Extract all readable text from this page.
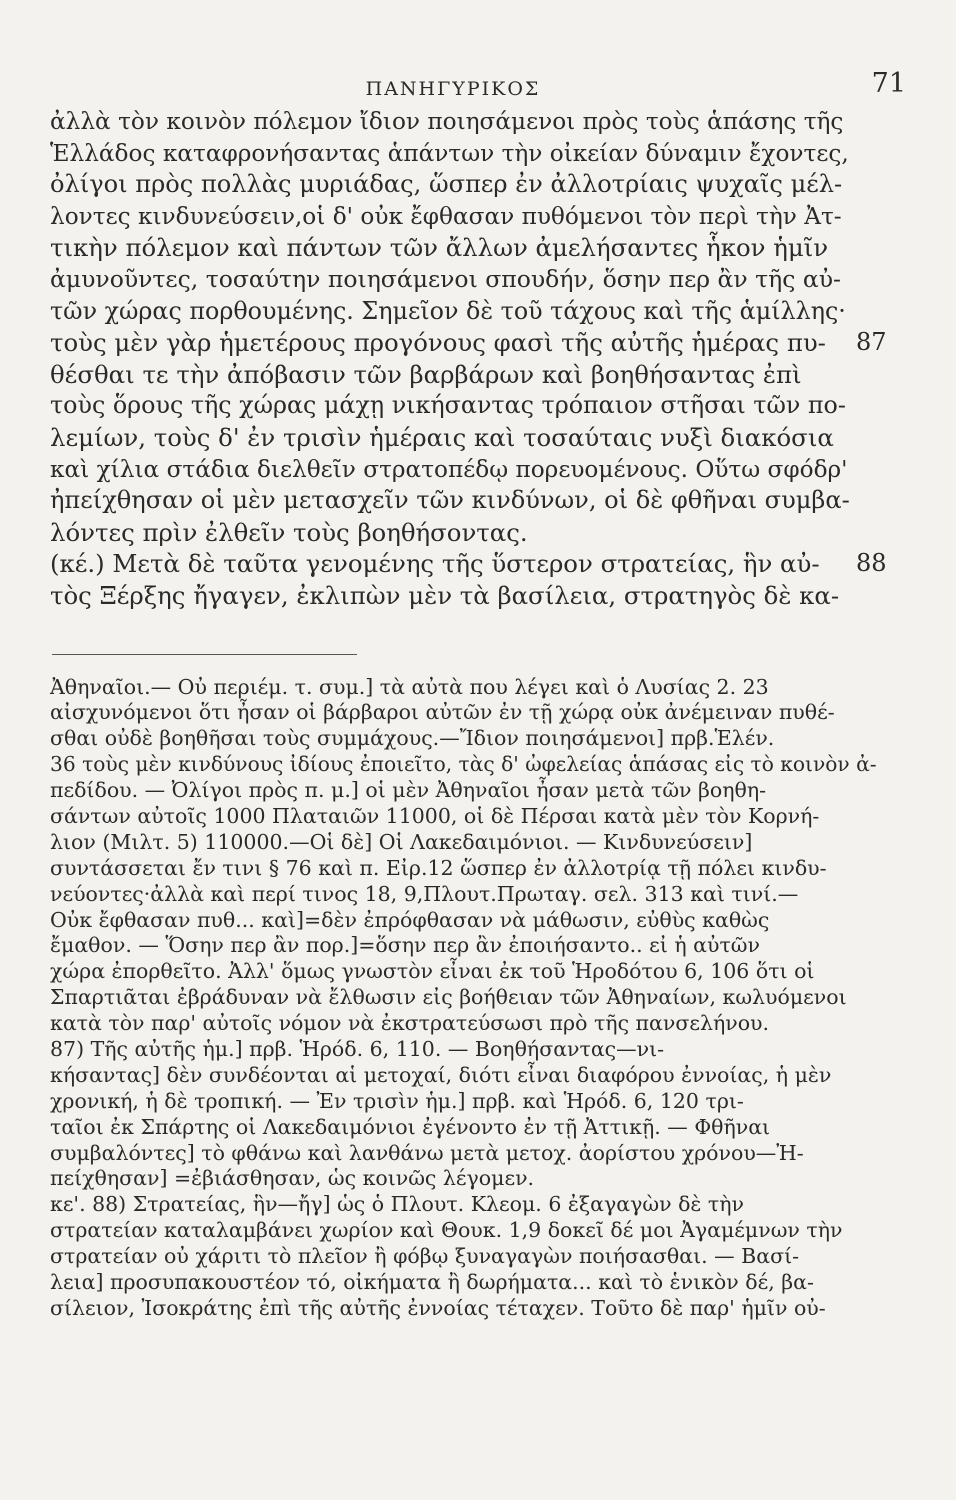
ΠΑΝΗΓΥΡΙΚΟΣ	71
ἀλλὰ τὸν κοινὸν πόλεμον ἴδιον ποιησάμενοι πρὸς τοὺς ἁπάσης τῆς
Ἑλλάδος καταφρονήσαντας ἁπάντων τὴν οἰκείαν δύναμιν ἔχοντες,
ὀλίγοι πρὸς πολλὰς μυριάδας, ὥσπερ ἐν ἀλλοτρίαις ψυχαῖς μέλ-
λοντες κινδυνεύσειν,οἱ δ' οὐκ ἔφθασαν πυθόμενοι τὸν περὶ τὴν Ἀτ-
τικὴν πόλεμον καὶ πάντων τῶν ἄλλων ἀμελήσαντες ἧκον ἡμῖν
ἀμυνοῦντες, τοσαύτην ποιησάμενοι σπουδήν, ὅσην περ ἂν τῆς αὐ-
τῶν χώρας πορθουμένης. Σημεῖον δὲ τοῦ τάχους καὶ τῆς ἁμίλλης·
τοὺς μὲν γὰρ ἡμετέρους προγόνους φασὶ τῆς αὐτῆς ἡμέρας πυ- 87
θέσθαι τε τὴν ἀπόβασιν τῶν βαρβάρων καὶ βοηθήσαντας ἐπὶ
τοὺς ὅρους τῆς χώρας μάχῃ νικήσαντας τρόπαιον στῆσαι τῶν πο-
λεμίων, τοὺς δ' ἐν τρισὶν ἡμέραις καὶ τοσαύταις νυξὶ διακόσια
καὶ χίλια στάδια διελθεῖν στρατοπέδῳ πορευομένους. Οὕτω σφόδρ'
ἠπείχθησαν οἱ μὲν μετασχεῖν τῶν κινδύνων, οἱ δὲ φθῆναι συμβα-
λόντες πρὶν ἐλθεῖν τοὺς βοηθήσοντας.
(κέ.) Μετὰ δὲ ταῦτα γενομένης τῆς ὕστερον στρατείας, ἣν αὐ- 88
τὸς Ξέρξης ἤγαγεν, ἐκλιπὼν μὲν τὰ βασίλεια, στρατηγὸς δὲ κα-
Ἀθηναῖοι.— Οὐ περιέμ. τ. συμ.] τὰ αὐτὰ που λέγει καὶ ὁ Λυσίας 2. 23
αἰσχυνόμενοι ὅτι ἦσαν οἱ βάρβαροι αὐτῶν ἐν τῇ χώρᾳ οὐκ ἀνέμειναν πυθέ-
σθαι οὐδὲ βοηθῆσαι τοὺς συμμάχους.—Ἴδιον ποιησάμενοι] πρβ.Ἑλέν.
36 τοὺς μὲν κινδύνους ἰδίους ἐποιεῖτο, τὰς δ' ὠφελείας ἁπάσας εἰς τὸ κοινὸν ἀ-
πεδίδου. — Ὀλίγοι πρὸς π. μ.] οἱ μὲν Ἀθηναῖοι ἦσαν μετὰ τῶν βοηθη-
σάντων αὐτοῖς 1000 Πλαταιῶν 11000, οἱ δὲ Πέρσαι κατὰ μὲν τὸν Κορνή-
λιον (Μιλτ. 5) 110000.—Οἱ δὲ] Οἱ Λακεδαιμόνιοι. — Κινδυνεύσειν]
συντάσσεται ἔν τινι § 76 καὶ π. Εἰρ.12 ὥσπερ ἐν ἀλλοτρίᾳ τῇ πόλει κινδυ-
νεύοντες·ἀλλὰ καὶ περί τινος 18, 9,Πλουτ.Πρωταγ. σελ. 313 καὶ τινί.—
Οὐκ ἔφθασαν πυθ... καὶ]=δὲν ἐπρόφθασαν νὰ μάθωσιν, εὐθὺς καθὼς
ἔμαθον. — Ὅσην περ ἂν πορ.]=ὅσην περ ἂν ἐποιήσαντο.. εἰ ἡ αὐτῶν
χώρα ἐπορθεῖτο. Ἀλλ' ὅμως γνωστὸν εἶναι ἐκ τοῦ Ἡροδότου 6, 106 ὅτι οἱ
Σπαρτιᾶται ἐβράδυναν νὰ ἔλθωσιν εἰς βοήθειαν τῶν Ἀθηναίων, κωλυόμενοι
κατὰ τὸν παρ' αὐτοῖς νόμον νὰ ἐκστρατεύσωσι πρὸ τῆς πανσελήνου.
87) Τῆς αὐτῆς ἡμ.] πρβ. Ἡρόδ. 6, 110. — Βοηθήσαντας—νι-
κήσαντας] δὲν συνδέονται αἱ μετοχαί, διότι εἶναι διαφόρου ἐννοίας, ἡ μὲν
χρονική, ἡ δὲ τροπική. — Ἐν τρισὶν ἡμ.] πρβ. καὶ Ἡρόδ. 6, 120 τρι-
ταῖοι ἐκ Σπάρτης οἱ Λακεδαιμόνιοι ἐγένοντο ἐν τῇ Ἀττικῇ. — Φθῆναι
συμβαλόντες] τὸ φθάνω καὶ λανθάνω μετὰ μετοχ. ἀορίστου χρόνου—Ἠ-
πείχθησαν] =ἐβιάσθησαν, ὡς κοινῶς λέγομεν.
κε'. 88) Στρατείας, ἣν—ἤγ] ὡς ὁ Πλουτ. Κλεομ. 6 ἐξαγαγὼν δὲ τὴν
στρατείαν καταλαμβάνει χωρίον καὶ Θουκ. 1,9 δοκεῖ δέ μοι Ἀγαμέμνων τὴν
στρατείαν οὐ χάριτι τὸ πλεῖον ἢ φόβῳ ξυναγαγὼν ποιήσασθαι. — Βασί-
λεια] προσυπακουστέον τό, οἰκήματα ἢ δωρήματα... καὶ τὸ ἑνικὸν δέ, βα-
σίλειον, Ἰσοκράτης ἐπὶ τῆς αὐτῆς ἐννοίας τέταχεν. Τοῦτο δὲ παρ' ἡμῖν οὐ-
